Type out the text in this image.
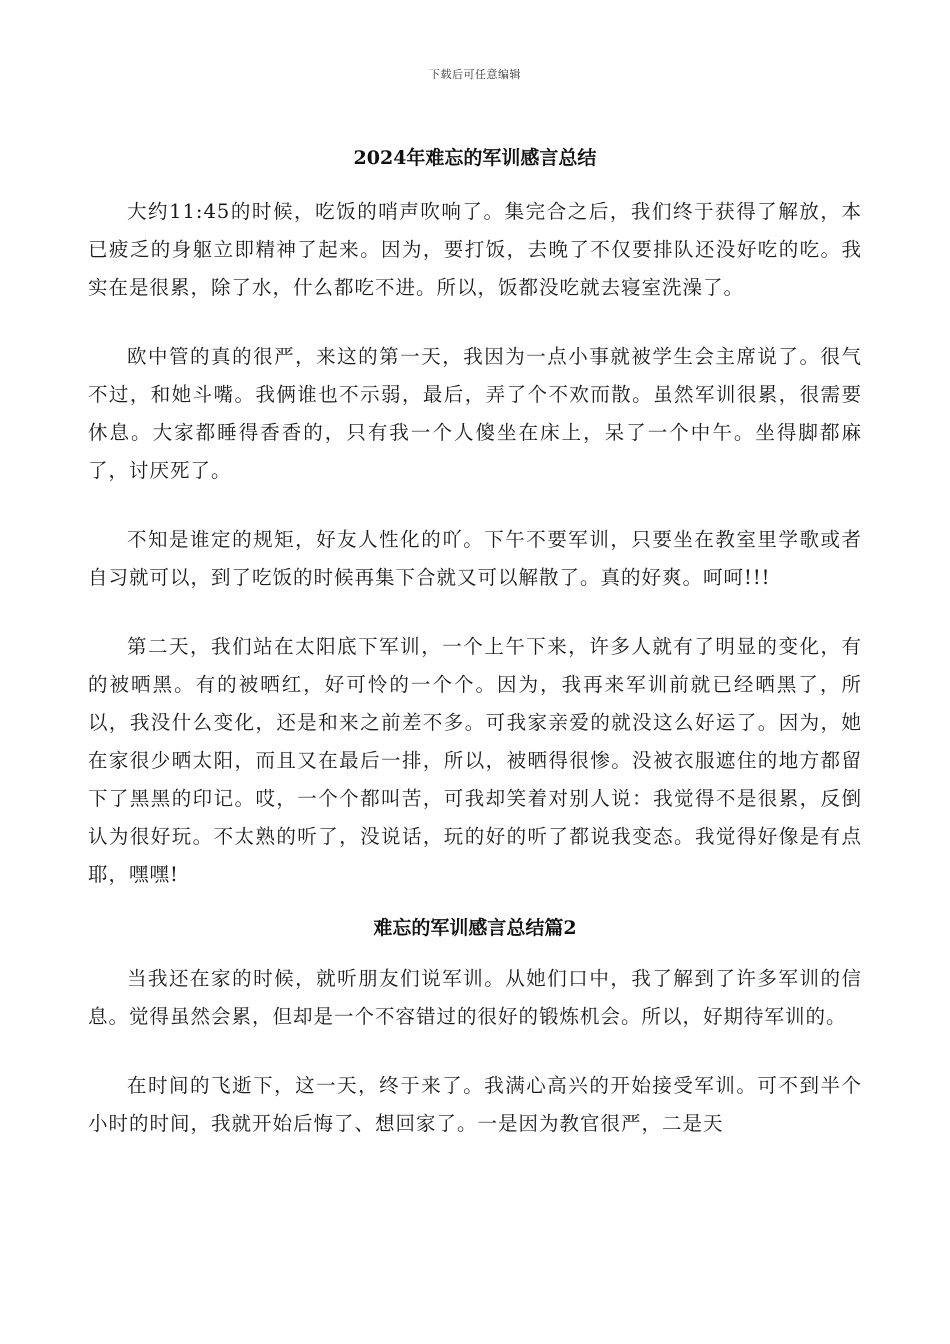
下载后可任意编辑
2024年难忘的军训感言总结

大约11:45的时候，吃饭的哨声吹响了。集完合之后，我们终于获得了解放，本已疲乏的身躯立即精神了起来。因为，要打饭，去晚了不仅要排队还没好吃的吃。我实在是很累，除了水，什么都吃不进。所以，饭都没吃就去寝室洗澡了。

欧中管的真的很严，来这的第一天，我因为一点小事就被学生会主席说了。很气不过，和她斗嘴。我俩谁也不示弱，最后，弄了个不欢而散。虽然军训很累，很需要休息。大家都睡得香香的，只有我一个人傻坐在床上，呆了一个中午。坐得脚都麻了，讨厌死了。

不知是谁定的规矩，好友人性化的吖。下午不要军训，只要坐在教室里学歌或者自习就可以，到了吃饭的时候再集下合就又可以解散了。真的好爽。呵呵!!!

第二天，我们站在太阳底下军训，一个上午下来，许多人就有了明显的变化，有的被晒黑。有的被晒红，好可怜的一个个。因为，我再来军训前就已经晒黑了，所以，我没什么变化，还是和来之前差不多。可我家亲爱的就没这么好运了。因为，她在家很少晒太阳，而且又在最后一排，所以，被晒得很惨。没被衣服遮住的地方都留下了黑黑的印记。哎，一个个都叫苦，可我却笑着对别人说：我觉得不是很累，反倒认为很好玩。不太熟的听了，没说话，玩的好的听了都说我变态。我觉得好像是有点耶，嘿嘿!

难忘的军训感言总结篇2

当我还在家的时候，就听朋友们说军训。从她们口中，我了解到了许多军训的信息。觉得虽然会累，但却是一个不容错过的很好的锻炼机会。所以，好期待军训的。

在时间的飞逝下，这一天，终于来了。我满心高兴的开始接受军训。可不到半个小时的时间，我就开始后悔了、想回家了。一是因为教官很严，二是天
